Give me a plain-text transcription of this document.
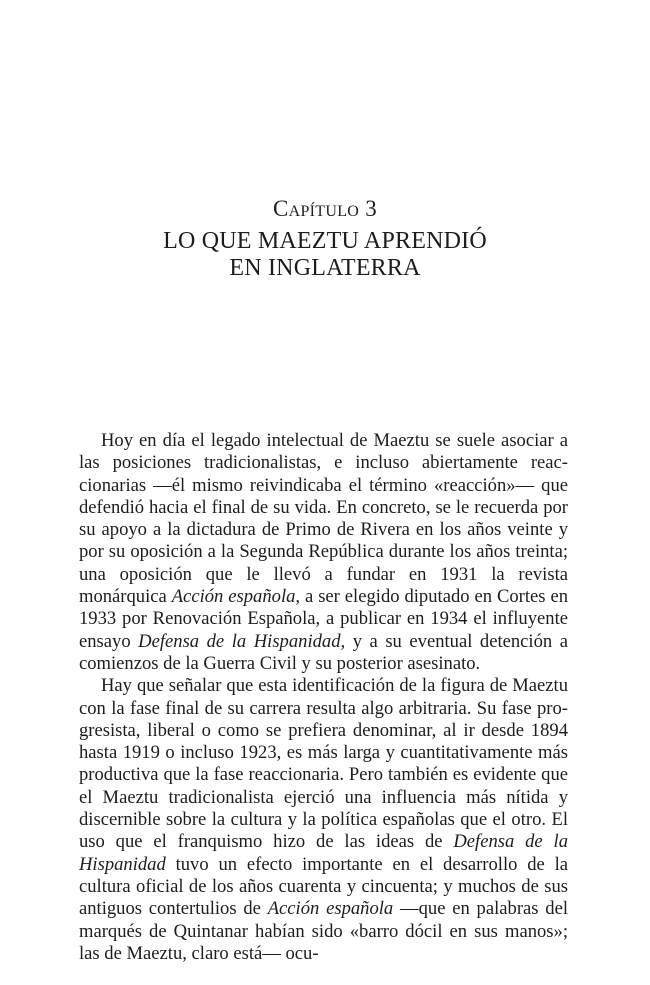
Capítulo 3
LO QUE MAEZTU APRENDIÓ
EN INGLATERRA

Hoy en día el legado intelectual de Maeztu se suele asociar a las posiciones tradicionalistas, e incluso abiertamente reaccionarias —él mismo reivindicaba el término «reacción»— que defendió hacia el final de su vida. En concreto, se le recuerda por su apoyo a la dictadura de Primo de Rivera en los años veinte y por su oposición a la Segunda República durante los años treinta; una oposición que le llevó a fundar en 1931 la revista monárquica Acción española, a ser elegido diputado en Cortes en 1933 por Renovación Española, a publicar en 1934 el influyente ensayo Defensa de la Hispanidad, y a su eventual detención a comienzos de la Guerra Civil y su posterior asesinato.

Hay que señalar que esta identificación de la figura de Maeztu con la fase final de su carrera resulta algo arbitraria. Su fase progresista, liberal o como se prefiera denominar, al ir desde 1894 hasta 1919 o incluso 1923, es más larga y cuantitativamente más productiva que la fase reaccionaria. Pero también es evidente que el Maeztu tradicionalista ejerció una influencia más nítida y discernible sobre la cultura y la política españolas que el otro. El uso que el franquismo hizo de las ideas de Defensa de la Hispanidad tuvo un efecto importante en el desarrollo de la cultura oficial de los años cuarenta y cincuenta; y muchos de sus antiguos contertulios de Acción española —que en palabras del marqués de Quintanar habían sido «barro dócil en sus manos»; las de Maeztu, claro está— ocu-
